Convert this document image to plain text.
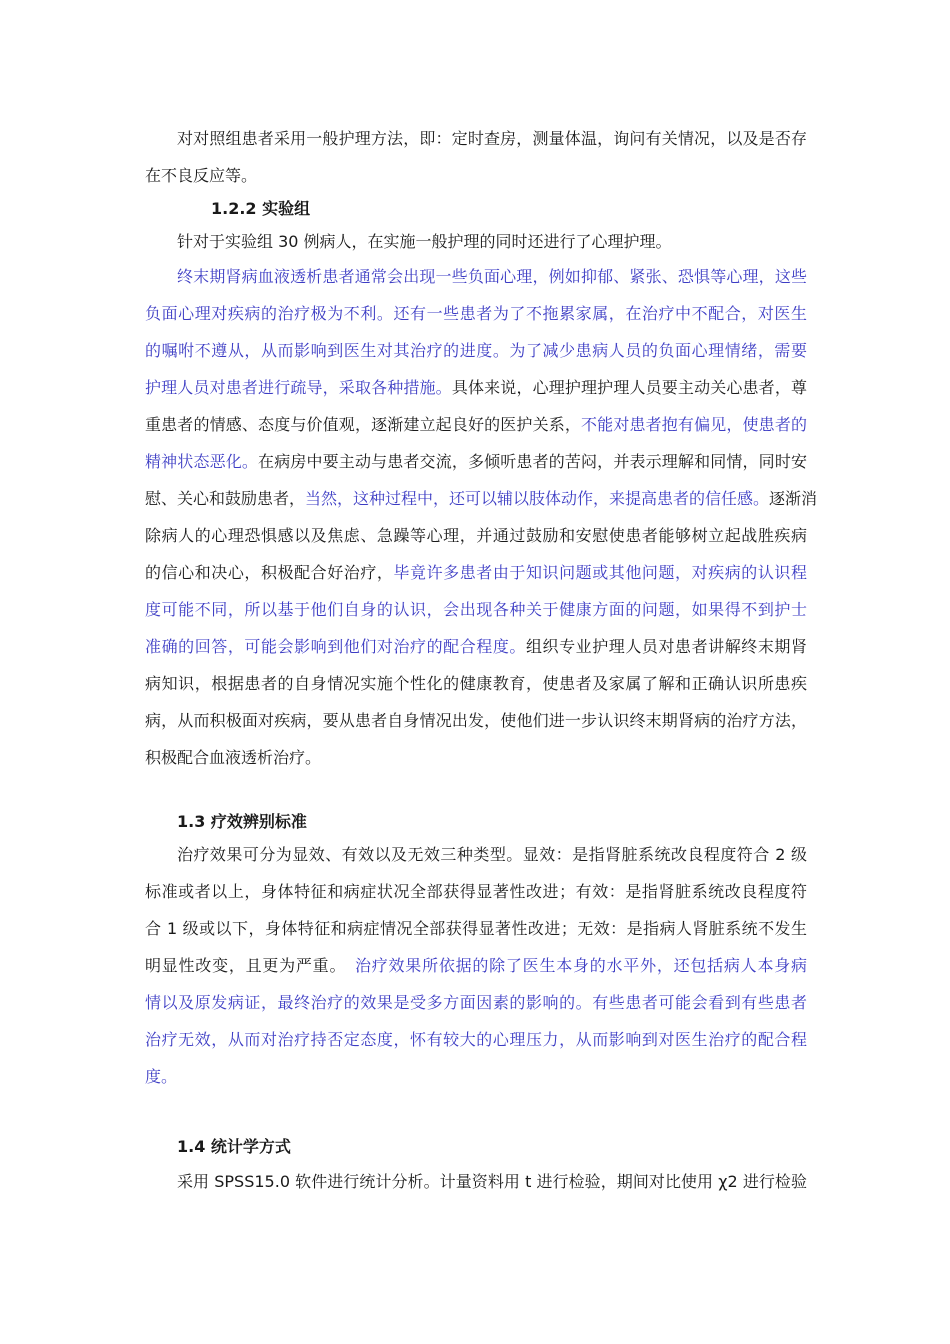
对对照组患者采用一般护理方法，即：定时查房，测量体温，询问有关情况，以及是否存
在不良反应等。
1.2.2 实验组
针对于实验组 30 例病人，在实施一般护理的同时还进行了心理护理。
终末期肾病血液透析患者通常会出现一些负面心理，例如抑郁、紧张、恐惧等心理，这些
负面心理对疾病的治疗极为不利。还有一些患者为了不拖累家属，在治疗中不配合，对医生
的嘱咐不遵从，从而影响到医生对其治疗的进度。为了减少患病人员的负面心理情绪，需要
护理人员对患者进行疏导，采取各种措施。具体来说，心理护理护理人员要主动关心患者，尊
重患者的情感、态度与价值观，逐渐建立起良好的医护关系，不能对患者抱有偏见，使患者的
精神状态恶化。在病房中要主动与患者交流，多倾听患者的苦闷，并表示理解和同情，同时安
慰、关心和鼓励患者，当然，这种过程中，还可以辅以肢体动作，来提高患者的信任感。逐渐消
除病人的心理恐惧感以及焦虑、急躁等心理，并通过鼓励和安慰使患者能够树立起战胜疾病
的信心和决心，积极配合好治疗，毕竟许多患者由于知识问题或其他问题，对疾病的认识程
度可能不同，所以基于他们自身的认识，会出现各种关于健康方面的问题，如果得不到护士
准确的回答，可能会影响到他们对治疗的配合程度。组织专业护理人员对患者讲解终末期肾
病知识，根据患者的自身情况实施个性化的健康教育，使患者及家属了解和正确认识所患疾
病，从而积极面对疾病，要从患者自身情况出发，使他们进一步认识终末期肾病的治疗方法，
积极配合血液透析治疗。
1.3 疗效辨别标准
治疗效果可分为显效、有效以及无效三种类型。显效：是指肾脏系统改良程度符合 2 级
标准或者以上，身体特征和病症状况全部获得显著性改进；有效：是指肾脏系统改良程度符
合 1 级或以下，身体特征和病症情况全部获得显著性改进；无效：是指病人肾脏系统不发生
明显性改变，且更为严重。　治疗效果所依据的除了医生本身的水平外，还包括病人本身病
情以及原发病证，最终治疗的效果是受多方面因素的影响的。有些患者可能会看到有些患者
治疗无效，从而对治疗持否定态度，怀有较大的心理压力，从而影响到对医生治疗的配合程
度。
1.4 统计学方式
采用 SPSS15.0 软件进行统计分析。计量资料用 t 进行检验，期间对比使用 χ2 进行检验
